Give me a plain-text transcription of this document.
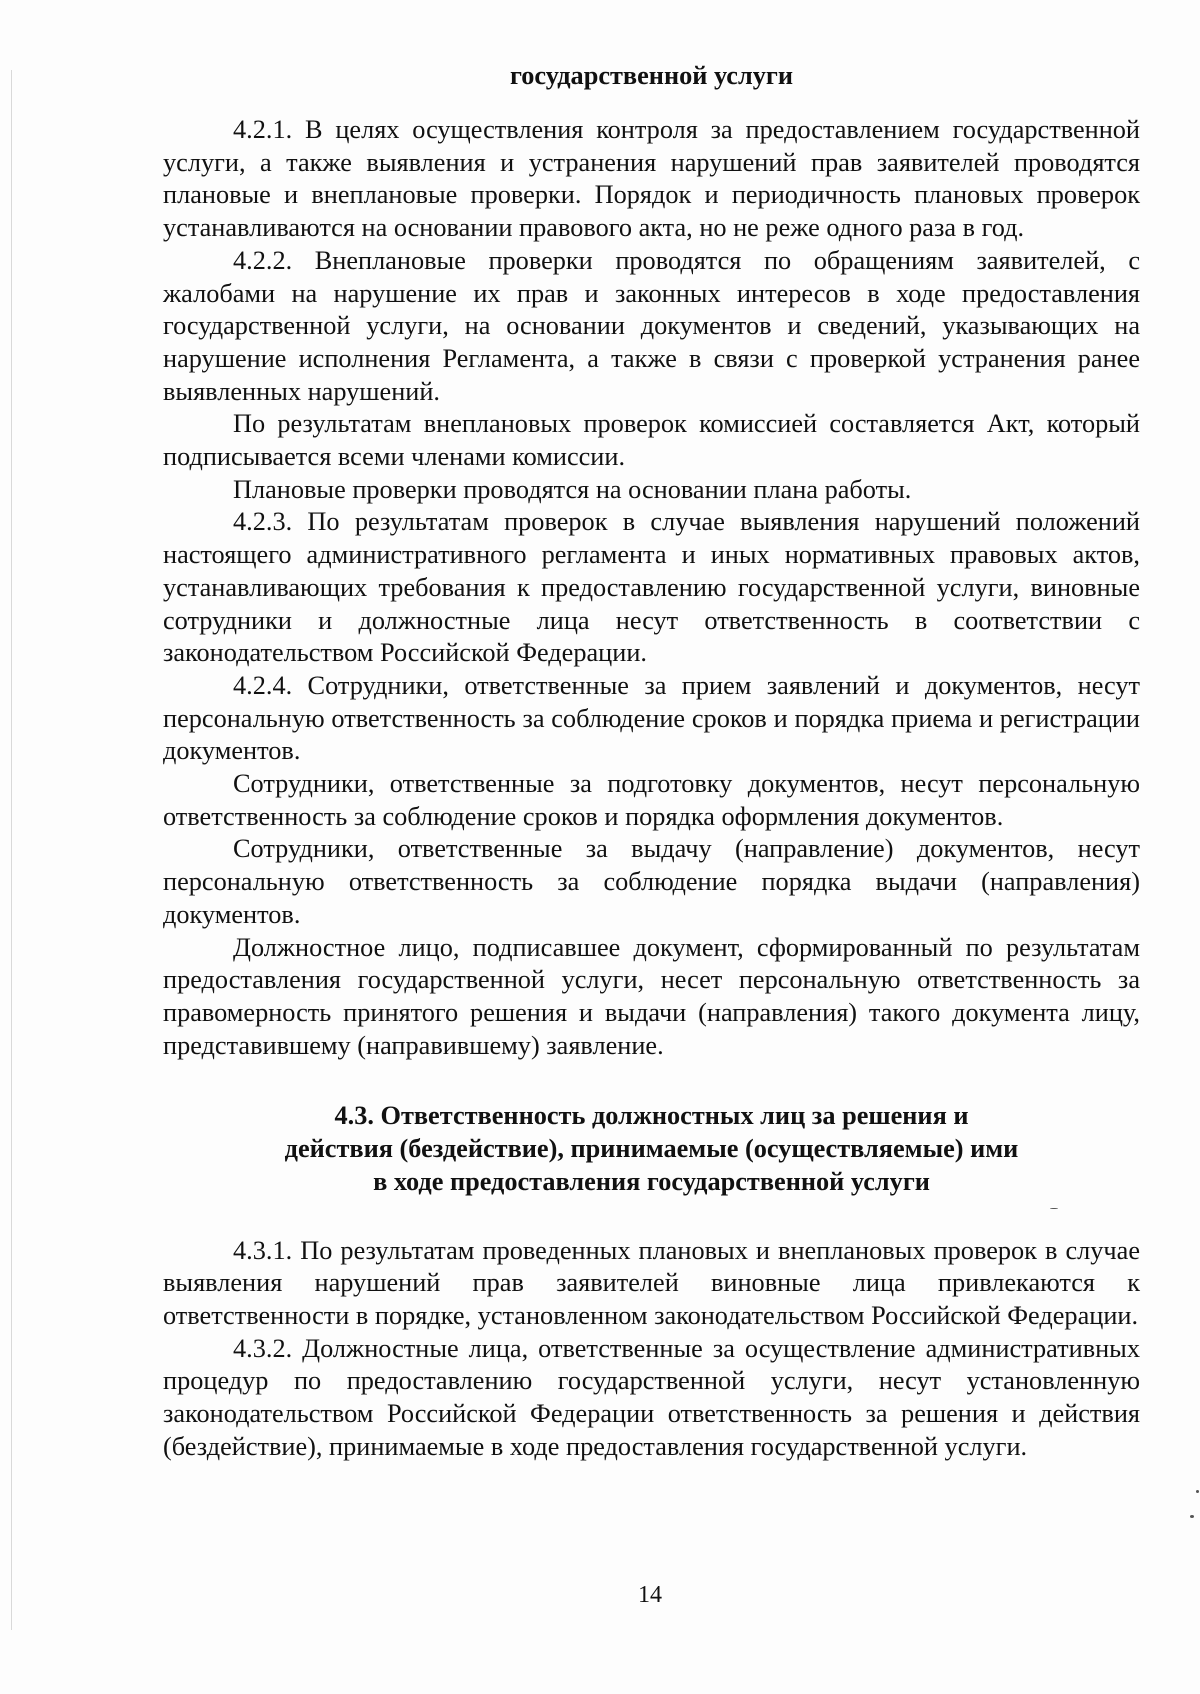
государственной услуги

4.2.1. В целях осуществления контроля за предоставлением государственной услуги, а также выявления и устранения нарушений прав заявителей проводятся плановые и внеплановые проверки. Порядок и периодичность плановых проверок устанавливаются на основании правового акта, но не реже одного раза в год.

4.2.2. Внеплановые проверки проводятся по обращениям заявителей, с жалобами на нарушение их прав и законных интересов в ходе предоставления государственной услуги, на основании документов и сведений, указывающих на нарушение исполнения Регламента, а также в связи с проверкой устранения ранее выявленных нарушений.

По результатам внеплановых проверок комиссией составляется Акт, который подписывается всеми членами комиссии.

Плановые проверки проводятся на основании плана работы.

4.2.3. По результатам проверок в случае выявления нарушений положений настоящего административного регламента и иных нормативных правовых актов, устанавливающих требования к предоставлению государственной услуги, виновные сотрудники и должностные лица несут ответственность в соответствии с законодательством Российской Федерации.

4.2.4. Сотрудники, ответственные за прием заявлений и документов, несут персональную ответственность за соблюдение сроков и порядка приема и регистрации документов.

Сотрудники, ответственные за подготовку документов, несут персональную ответственность за соблюдение сроков и порядка оформления документов.

Сотрудники, ответственные за выдачу (направление) документов, несут персональную ответственность за соблюдение порядка выдачи (направления) документов.

Должностное лицо, подписавшее документ, сформированный по результатам предоставления государственной услуги, несет персональную ответственность за правомерность принятого решения и выдачи (направления) такого документа лицу, представившему (направившему) заявление.

4.3. Ответственность должностных лиц за решения и
действия (бездействие), принимаемые (осуществляемые) ими
в ходе предоставления государственной услуги

4.3.1. По результатам проведенных плановых и внеплановых проверок в случае выявления нарушений прав заявителей виновные лица привлекаются к ответственности в порядке, установленном законодательством Российской Федерации.

4.3.2. Должностные лица, ответственные за осуществление административных процедур по предоставлению государственной услуги, несут установленную законодательством Российской Федерации ответственность за решения и действия (бездействие), принимаемые в ходе предоставления государственной услуги.

14
